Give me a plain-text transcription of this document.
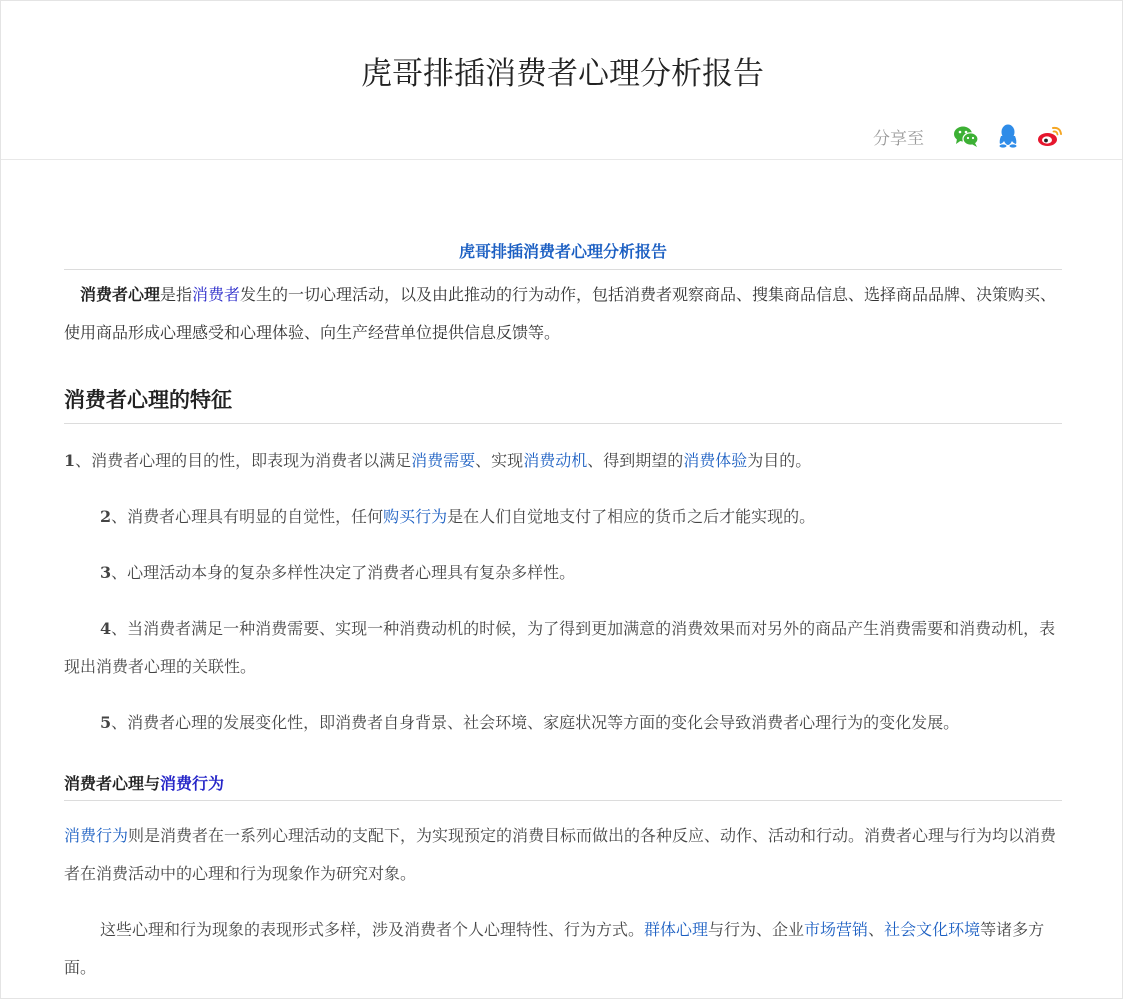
虎哥排插消费者心理分析报告
分享至
虎哥排插消费者心理分析报告

消费者心理是指消费者发生的一切心理活动，以及由此推动的行为动作，包括消费者观察商品、搜集商品信息、选择商品品牌、决策购买、使用商品形成心理感受和心理体验、向生产经营单位提供信息反馈等。

消费者心理的特征

1、消费者心理的目的性，即表现为消费者以满足消费需要、实现消费动机、得到期望的消费体验为目的。

2、消费者心理具有明显的自觉性，任何购买行为是在人们自觉地支付了相应的货币之后才能实现的。

3、心理活动本身的复杂多样性决定了消费者心理具有复杂多样性。

4、当消费者满足一种消费需要、实现一种消费动机的时候，为了得到更加满意的消费效果而对另外的商品产生消费需要和消费动机，表现出消费者心理的关联性。

5、消费者心理的发展变化性，即消费者自身背景、社会环境、家庭状况等方面的变化会导致消费者心理行为的变化发展。

消费者心理与消费行为

消费行为则是消费者在一系列心理活动的支配下，为实现预定的消费目标而做出的各种反应、动作、活动和行动。消费者心理与行为均以消费者在消费活动中的心理和行为现象作为研究对象。

这些心理和行为现象的表现形式多样，涉及消费者个人心理特性、行为方式。群体心理与行为、企业市场营销、社会文化环境等诸多方面。
